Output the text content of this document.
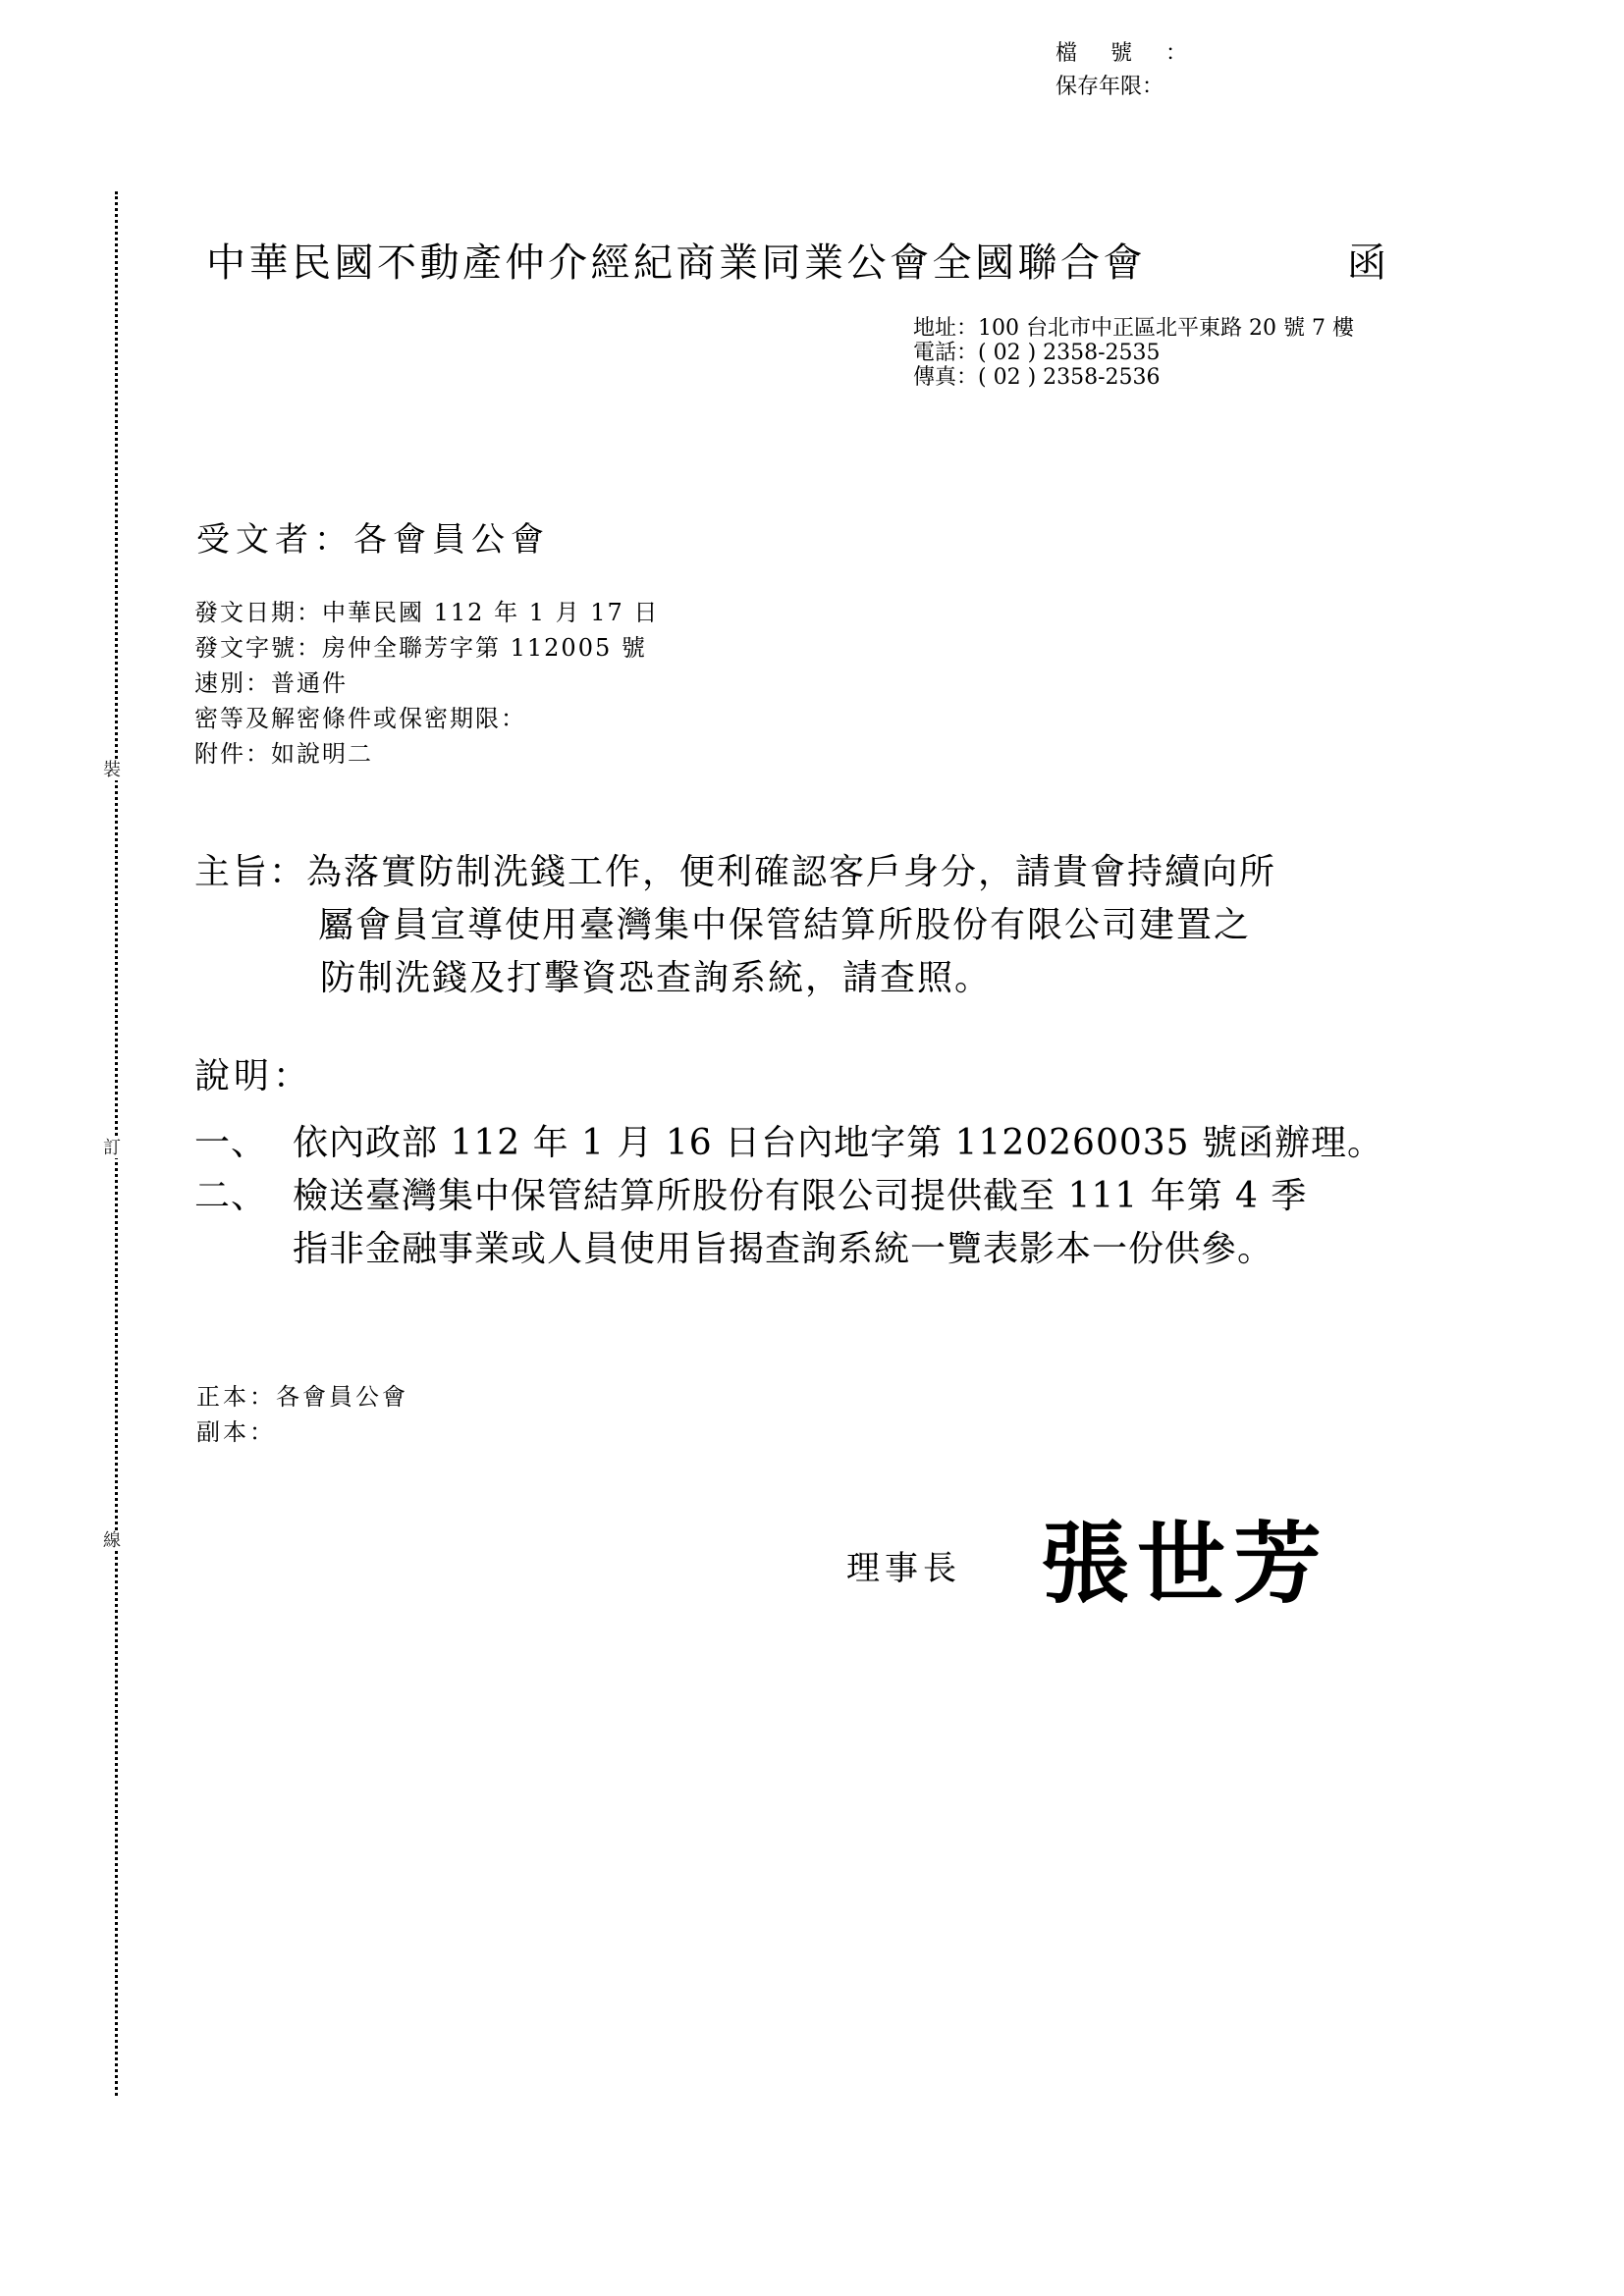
檔號：
保存年限：
裝
訂
線
中華民國不動產仲介經紀商業同業公會全國聯合會	函
地址：100 台北市中正區北平東路 20 號 7 樓
電話：( 02 ) 2358-2535
傳真：( 02 ) 2358-2536
受文者：各會員公會
發文日期：中華民國 112 年 1 月 17 日
發文字號：房仲全聯芳字第 112005 號
速別：普通件
密等及解密條件或保密期限：
附件：如說明二
主旨：為落實防制洗錢工作，便利確認客戶身分，請貴會持續向所
屬會員宣導使用臺灣集中保管結算所股份有限公司建置之
防制洗錢及打擊資恐查詢系統，請查照。
說明：
一、 依內政部 112 年 1 月 16 日台內地字第 1120260035 號函辦理。
二、 檢送臺灣集中保管結算所股份有限公司提供截至 111 年第 4 季
指非金融事業或人員使用旨揭查詢系統一覽表影本一份供參。
正本：各會員公會
副本：
理事長 張世芳
